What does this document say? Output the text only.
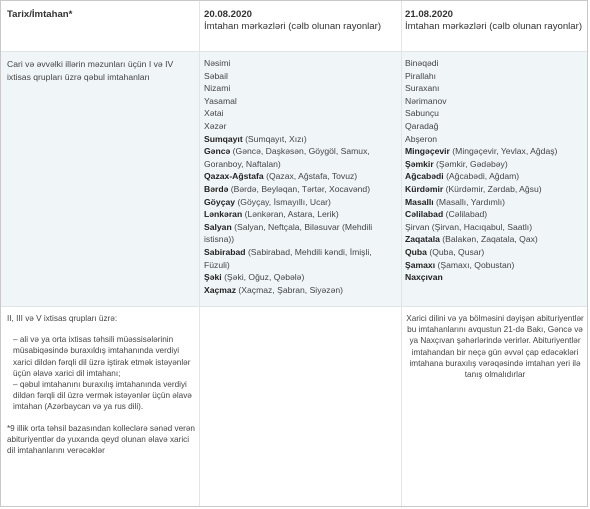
Tarix/İmtahan*	20.08.2020
İmtahan mərkəzləri (cəlb olunan rayonlar)
21.08.2020
İmtahan mərkəzləri (cəlb olunan rayonlar)
Cari və əvvəlki illərin məzunları üçün I və IV ixtisas qrupları üzrə qəbul imtahanları
Nəsimi
Səbail
Nizami
Yasamal
Xətai
Xəzər
Sumqayıt (Sumqayıt, Xızı)
Gəncə (Gəncə, Daşkəsən, Göygöl, Samux, Goranboy, Naftalan)
Qazax-Ağstafa (Qazax, Ağstafa, Tovuz)
Bərdə (Bərdə, Beyləqan, Tərtər, Xocavənd)
Göyçay (Göyçay, İsmayıllı, Ucar)
Lənkəran (Lənkəran, Astara, Lerik)
Salyan (Salyan, Neftçala, Biləsuvar (Mehdili istisna))
Sabirabad (Sabirabad, Mehdili kəndi, İmişli, Füzuli)
Şəki (Şəki, Oğuz, Qəbələ)
Xaçmaz (Xaçmaz, Şabran, Siyəzən)
Binəqədi
Pirallahı
Suraxanı
Nərimanov
Sabunçu
Qaradağ
Abşeron
Mingəçevir (Mingəçevir, Yevlax, Ağdaş)
Şəmkir (Şəmkir, Gədəbəy)
Ağcabədi (Ağcabədi, Ağdam)
Kürdəmir (Kürdəmir, Zərdab, Ağsu)
Masallı (Masallı, Yardımlı)
Cəlilabad (Cəlilabad)
Şirvan (Şirvan, Hacıqabul, Saatlı)
Zaqatala (Balakən, Zaqatala, Qax)
Quba (Quba, Qusar)
Şamaxı (Şamaxı, Qobustan)
Naxçıvan

II, III və V ixtisas qrupları üzrə:

– ali və ya orta ixtisas təhsili müəssisələrinin müsabiqəsində buraxıldış imtahanında verdiyi xarici dildən fərqli dil üzrə iştirak etmək istəyənlər üçün əlavə xarici dil imtahanı;

– qəbul imtahanını buraxılış imtahanında verdiyi dildən fərqli dil üzrə vermək istəyənlər üçün əlavə imtahan (Azərbaycan və ya rus dili).

*9 illik orta təhsil bazasından kolleclərə sənəd verən abituriyentlər də yuxarıda qeyd olunan əlavə xarici dil imtahanlarını verəcəklər

Xarici dilini və ya bölməsini dəyişən abituriyentlər bu imtahanlarını avqustun 21-də Bakı, Gəncə və ya Naxçıvan şəhərlərində verirlər. Abituriyentlər imtahandan bir neçə gün əvvəl çap edəcəkləri imtahana buraxılış vərəqəsində imtahan yeri ilə tanış olmalıdırlar
